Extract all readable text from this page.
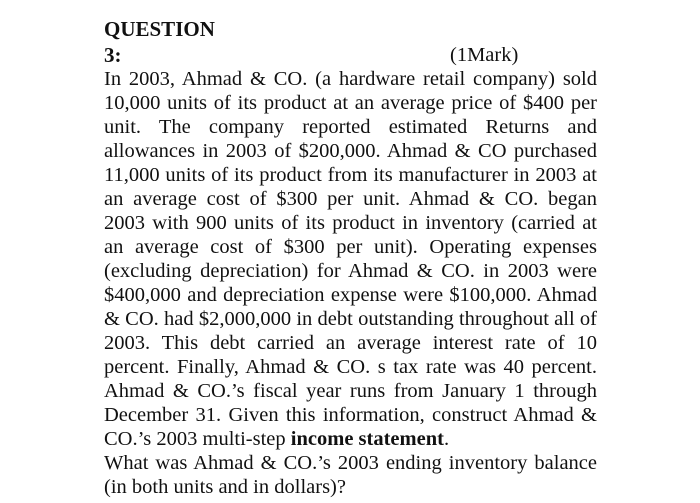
QUESTION
3:	(1Mark)
In 2003, Ahmad & CO. (a hardware retail company) sold
10,000 units of its product at an average price of $400 per
unit. The company reported estimated Returns and
allowances in 2003 of $200,000. Ahmad & CO purchased
11,000 units of its product from its manufacturer in 2003 at
an average cost of $300 per unit. Ahmad & CO. began
2003 with 900 units of its product in inventory (carried at
an average cost of $300 per unit). Operating expenses
(excluding depreciation) for Ahmad & CO. in 2003 were
$400,000 and depreciation expense were $100,000. Ahmad
& CO. had $2,000,000 in debt outstanding throughout all of
2003. This debt carried an average interest rate of 10
percent. Finally, Ahmad & CO. s tax rate was 40 percent.
Ahmad & CO.’s fiscal year runs from January 1 through
December 31. Given this information, construct Ahmad &
CO.’s 2003 multi-step income statement.
What was Ahmad & CO.’s 2003 ending inventory balance
(in both units and in dollars)?
